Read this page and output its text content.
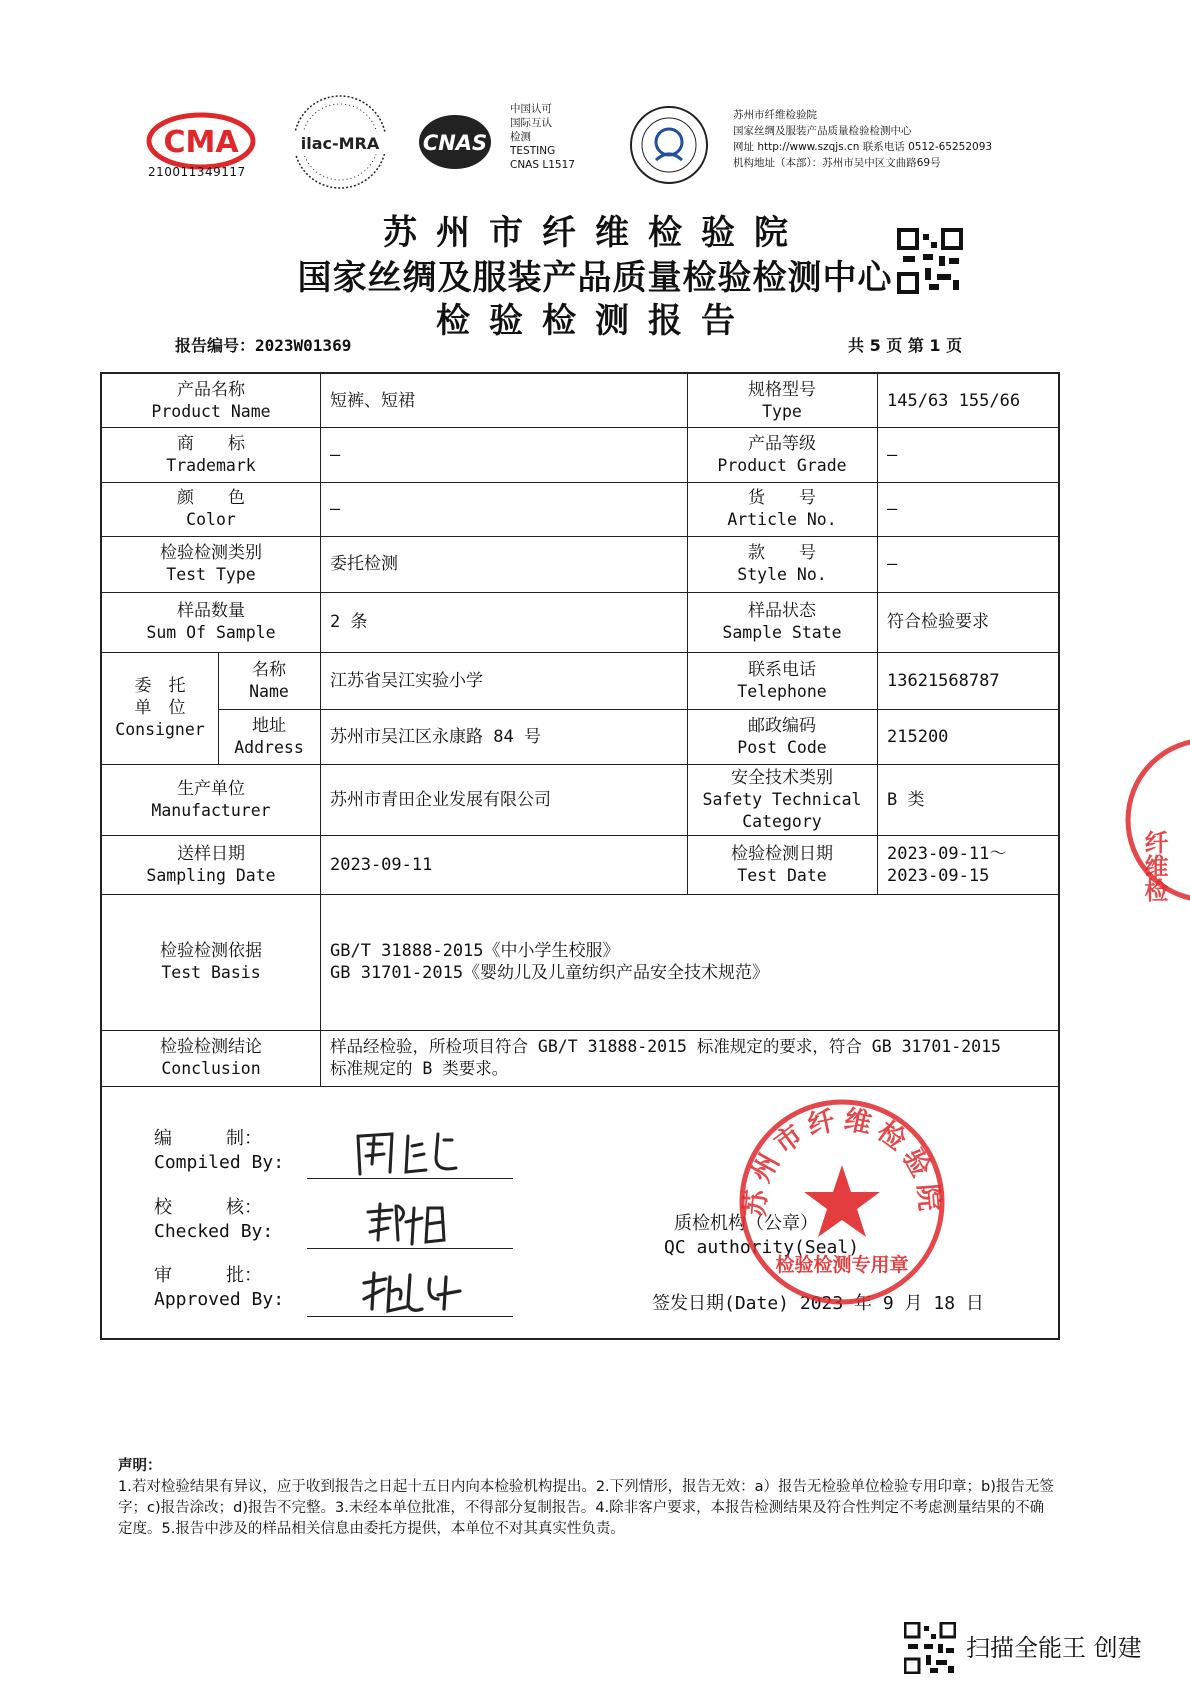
CMA
210011349117
ilac-MRA CNAS
中国认可
国际互认
检测
TESTING
CNAS L1517
苏州市纤维检验院
国家丝绸及服装产品质量检验检测中心
网址 http://www.szqjs.cn 联系电话 0512-65252093
机构地址（本部）：苏州市吴中区文曲路69号
苏州市纤维检验院
国家丝绸及服装产品质量检验检测中心
检验检测报告
报告编号：2023W01369	共 5 页 第 1 页
产品名称
Product Name
短裤、短裙
规格型号
Type
145/63 155/66
商　　标
Trademark
—
产品等级
Product Grade
—
颜　　色
Color
—
货　　号
Article No.
—
检验检测类别
Test Type
委托检测
款　　号
Style No.
—
样品数量
Sum Of Sample
2 条
样品状态
Sample State
符合检验要求
委　托
单　位
Consigner
名称
Name
江苏省吴江实验小学
联系电话
Telephone
13621568787
地址
Address
苏州市吴江区永康路 84 号
邮政编码
Post Code
215200
生产单位
Manufacturer
苏州市青田企业发展有限公司
安全技术类别
Safety Technical
Category
B 类
送样日期
Sampling Date
2023-09-11
检验检测日期
Test Date
2023-09-11～
2023-09-15
检验检测依据
Test Basis
GB/T 31888-2015《中小学生校服》
GB 31701-2015《婴幼儿及儿童纺织产品安全技术规范》
检验检测结论
Conclusion
样品经检验，所检项目符合 GB/T 31888-2015 标准规定的要求，符合 GB 31701-2015
标准规定的 B 类要求。
编　　　制：
Compiled By:
校　　　核：
Checked By:
审　　　批：
Approved By:
质检机构（公章）
QC authority(Seal)
签发日期(Date) 2023 年 9 月 18 日
苏州市纤维检验院
检验检测专用章
纤维检
声明：
1.若对检验结果有异议，应于收到报告之日起十五日内向本检验机构提出。2.下列情形，报告无效：a）报告无检验单位检验专用印章；b)报告无签字；c)报告涂改；d)报告不完整。3.未经本单位批准，不得部分复制报告。4.除非客户要求，本报告检测结果及符合性判定不考虑测量结果的不确定度。5.报告中涉及的样品相关信息由委托方提供，本单位不对其真实性负责。
扫描全能王 创建
